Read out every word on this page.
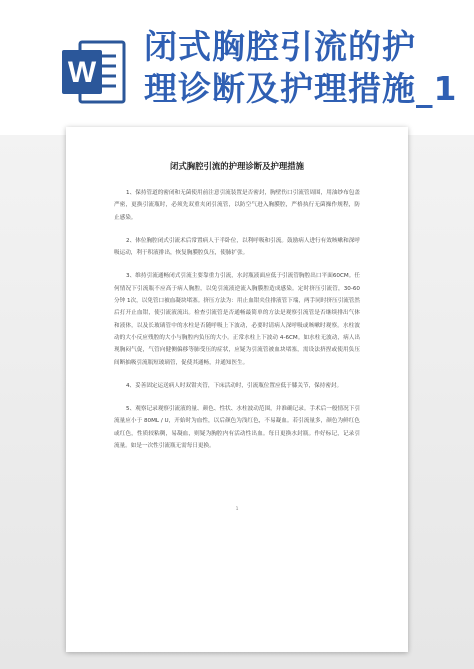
W
闭式胸腔引流的护
理诊断及护理措施_1
闭式胸腔引流的护理诊断及护理措施

1、保持管道的密闭和无菌使用前注意引流装置是否密封，胸壁伤口引流管周围，用油纱布包盖严密，更换引流瓶时，必须先双重夹闭引流管，以防空气进入胸膜腔，严格执行无菌操作规程，防止感染。

2、体位胸腔闭式引流术后常置病人于半卧位，以利呼吸和引流。鼓励病人进行有效咳嗽和深呼吸运动，利于积液排出，恢复胸膜腔负压，使肺扩张。

3、维持引流通畅闭式引流主要靠重力引流，水封瓶液面应低于引流管胸腔出口平面60CM。任何情况下引流瓶不应高于病人胸腔，以免引流液逆流入胸膜腔造成感染。定时挤压引流管，30-60 分钟 1次，以免管口被血凝块堵塞。挤压方法为：用止血钳夹住排液管下端，两手同时挤压引流管然后打开止血钳，使引流液流出。检查引流管是否通畅最简单的方法是观察引流管是否继续排出气体和液体，以及长玻璃管中的水柱是否随呼吸上下波动，必要时请病人深呼吸或咳嗽时观察。水柱波动的大小反应残腔的大小与胸腔内负压的大小。正常水柱上下波动 4-6CM。如水柱无波动，病人出现胸闷气促，气管向健侧偏移等肺受压的症状，应疑为引流管被血块堵塞，需设法挤捏或使用负压间断抽吸引流瓶短玻璃管，促使其通畅，并通知医生。

4、妥善固定运送病人时双钳夹管，下床活动时，引流瓶位置应低于膝关节，保持密封。

5、观察记录观察引流液的量、颜色、性状、水柱波动范围，并准确记录。手术后一般情况下引流量应小于 80ML / U，开始时为血性，以后颜色为浅红色，不易凝血。若引流量多，颜色为鲜红色或红色，性质较粘稠，易凝血，则疑为胸腔内有活动性出血。每日更换水封瓶。作好标记，记录引流量。如是一次性引流瓶无需每日更换。

1
